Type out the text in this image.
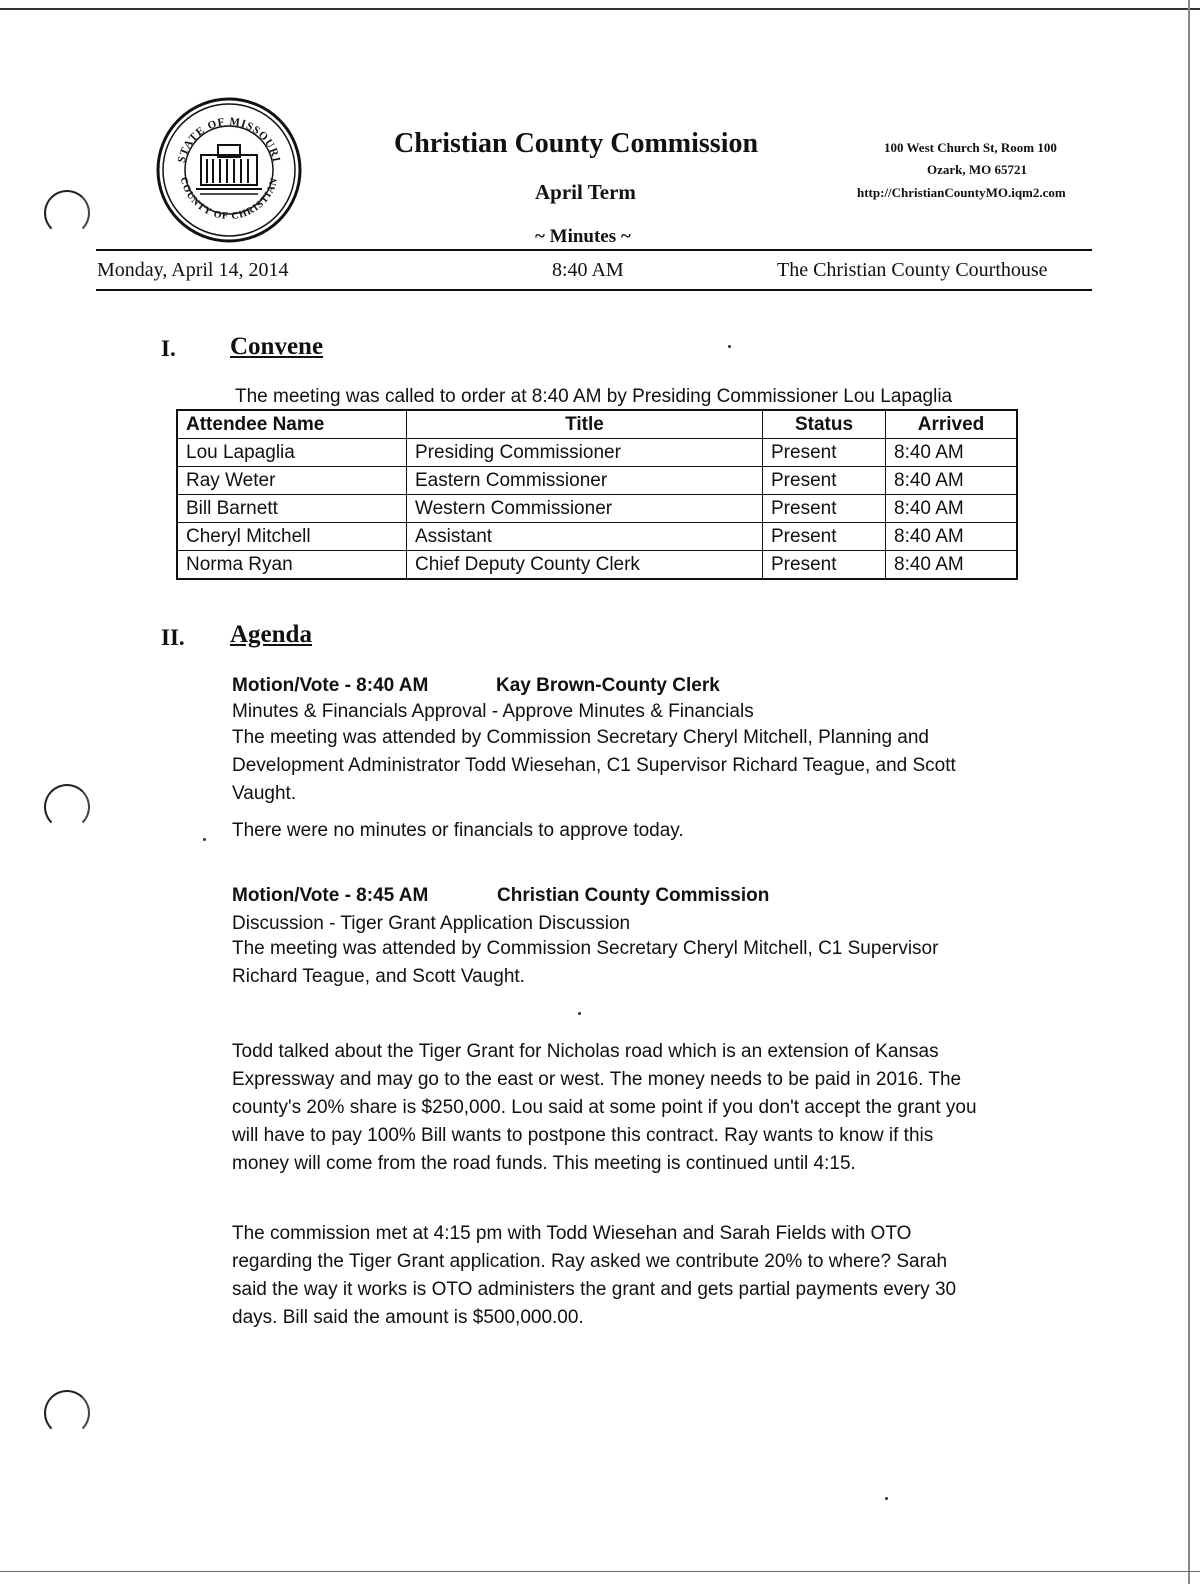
STATE OF MISSOURI
COUNTY OF CHRISTIAN
Christian County Commission
April Term
~ Minutes ~
100 West Church St, Room 100
Ozark, MO 65721
http://ChristianCountyMO.iqm2.com
Monday, April 14, 2014	8:40 AM	The Christian County Courthouse
I. Convene
The meeting was called to order at 8:40 AM by Presiding Commissioner Lou Lapaglia
Attendee Name	Title	Status	Arrived
Lou Lapaglia	Presiding Commissioner	Present	8:40 AM
Ray Weter	Eastern Commissioner	Present	8:40 AM
Bill Barnett	Western Commissioner	Present	8:40 AM
Cheryl Mitchell	Assistant	Present	8:40 AM
Norma Ryan	Chief Deputy County Clerk	Present	8:40 AM
II. Agenda
Motion/Vote - 8:40 AM	Kay Brown-County Clerk
Minutes & Financials Approval - Approve Minutes & Financials
The meeting was attended by Commission Secretary Cheryl Mitchell, Planning and
Development Administrator Todd Wiesehan, C1 Supervisor Richard Teague, and Scott
Vaught.
There were no minutes or financials to approve today.
Motion/Vote - 8:45 AM	Christian County Commission
Discussion - Tiger Grant Application Discussion
The meeting was attended by Commission Secretary Cheryl Mitchell, C1 Supervisor
Richard Teague, and Scott Vaught.
Todd talked about the Tiger Grant for Nicholas road which is an extension of Kansas
Expressway and may go to the east or west. The money needs to be paid in 2016. The
county's 20% share is $250,000. Lou said at some point if you don't accept the grant you
will have to pay 100% Bill wants to postpone this contract. Ray wants to know if this
money will come from the road funds. This meeting is continued until 4:15.
The commission met at 4:15 pm with Todd Wiesehan and Sarah Fields with OTO
regarding the Tiger Grant application. Ray asked we contribute 20% to where? Sarah
said the way it works is OTO administers the grant and gets partial payments every 30
days. Bill said the amount is $500,000.00.
